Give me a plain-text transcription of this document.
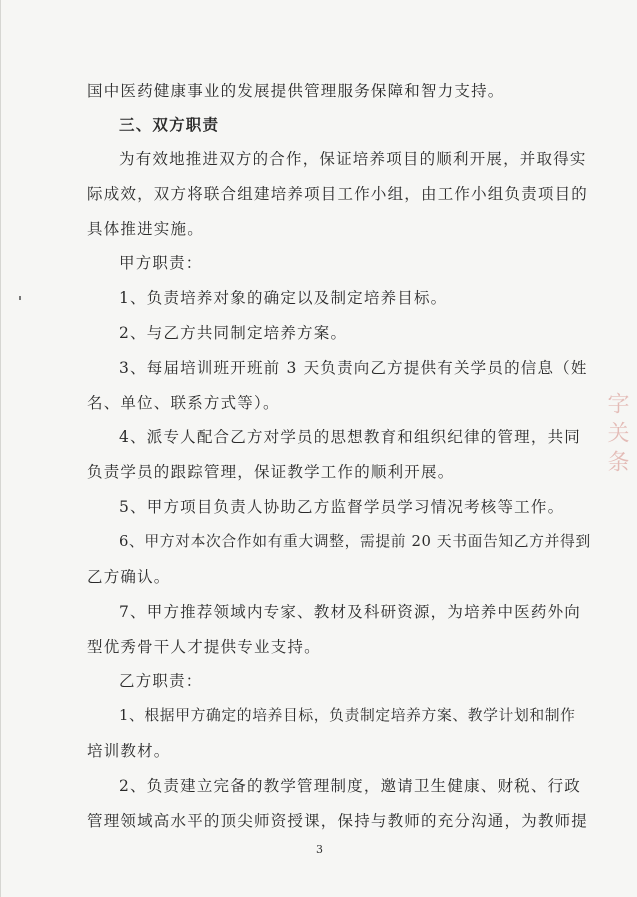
国中医药健康事业的发展提供管理服务保障和智力支持。
三、双方职责
为有效地推进双方的合作，保证培养项目的顺利开展，并取得实
际成效，双方将联合组建培养项目工作小组，由工作小组负责项目的
具体推进实施。
甲方职责：
1、负责培养对象的确定以及制定培养目标。
2、与乙方共同制定培养方案。
3、每届培训班开班前 3 天负责向乙方提供有关学员的信息（姓
名、单位、联系方式等）。
4、派专人配合乙方对学员的思想教育和组织纪律的管理，共同
负责学员的跟踪管理，保证教学工作的顺利开展。
5、甲方项目负责人协助乙方监督学员学习情况考核等工作。
6、甲方对本次合作如有重大调整，需提前 20 天书面告知乙方并得到
乙方确认。
7、甲方推荐领域内专家、教材及科研资源，为培养中医药外向
型优秀骨干人才提供专业支持。
乙方职责：
1、根据甲方确定的培养目标，负责制定培养方案、教学计划和制作
培训教材。
2、负责建立完备的教学管理制度，邀请卫生健康、财税、行政
管理领域高水平的顶尖师资授课，保持与教师的充分沟通，为教师提
3
字 关 条
